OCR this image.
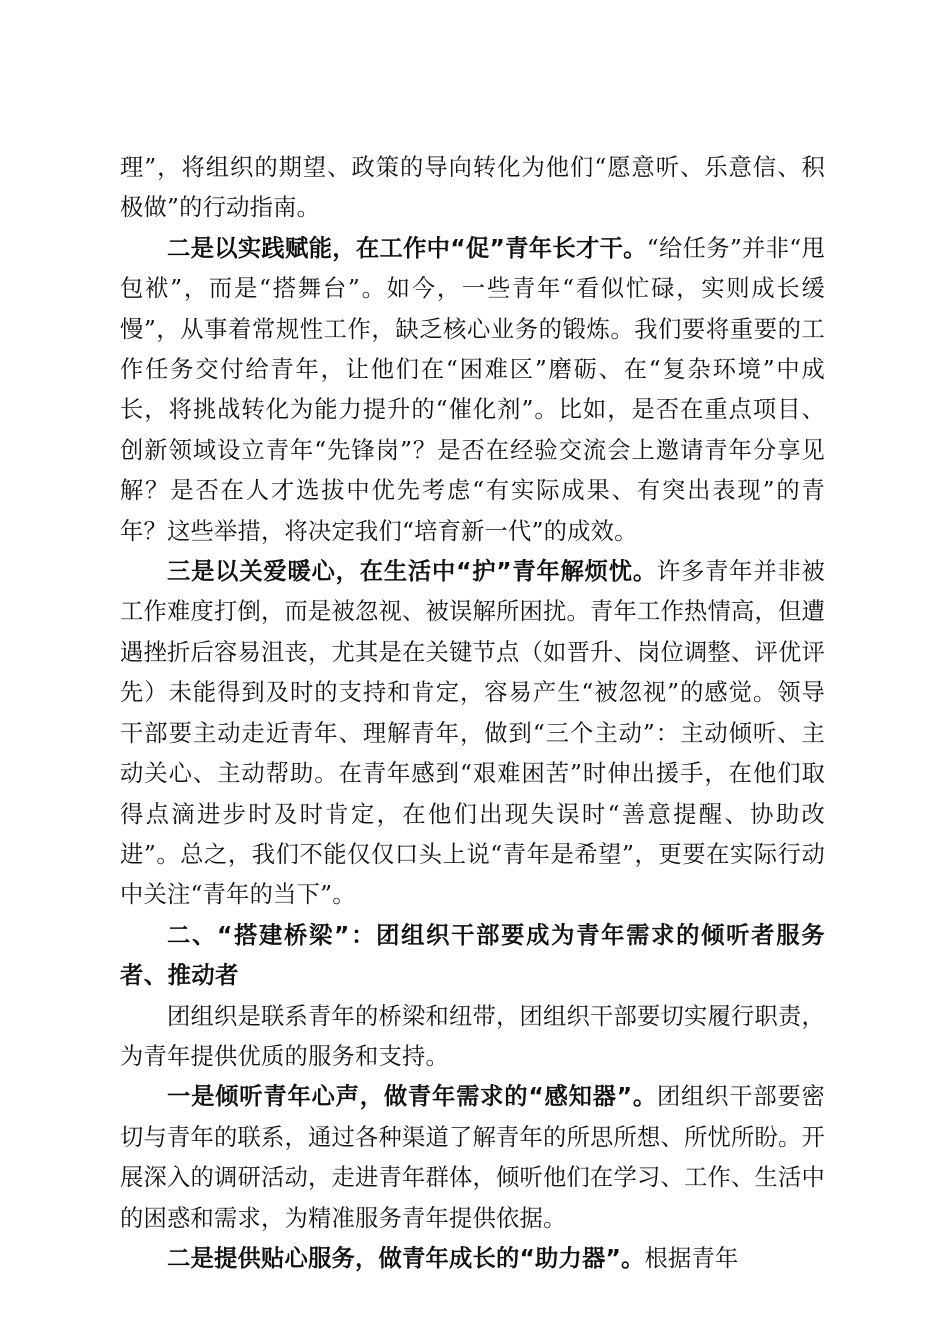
理”，将组织的期望、政策的导向转化为他们“愿意听、乐意信、积极做”的行动指南。

二是以实践赋能，在工作中“促”青年长才干。“给任务”并非“甩包袱”，而是“搭舞台”。如今，一些青年“看似忙碌，实则成长缓慢”，从事着常规性工作，缺乏核心业务的锻炼。我们要将重要的工作任务交付给青年，让他们在“困难区”磨砺、在“复杂环境”中成长，将挑战转化为能力提升的“催化剂”。比如，是否在重点项目、创新领域设立青年“先锋岗”？是否在经验交流会上邀请青年分享见解？是否在人才选拔中优先考虑“有实际成果、有突出表现”的青年？这些举措，将决定我们“培育新一代”的成效。

三是以关爱暖心，在生活中“护”青年解烦忧。许多青年并非被工作难度打倒，而是被忽视、被误解所困扰。青年工作热情高，但遭遇挫折后容易沮丧，尤其是在关键节点（如晋升、岗位调整、评优评先）未能得到及时的支持和肯定，容易产生“被忽视”的感觉。领导干部要主动走近青年、理解青年，做到“三个主动”：主动倾听、主动关心、主动帮助。在青年感到“艰难困苦”时伸出援手，在他们取得点滴进步时及时肯定，在他们出现失误时“善意提醒、协助改进”。总之，我们不能仅仅口头上说“青年是希望”，更要在实际行动中关注“青年的当下”。

二、“搭建桥梁”：团组织干部要成为青年需求的倾听者服务者、推动者

团组织是联系青年的桥梁和纽带，团组织干部要切实履行职责，为青年提供优质的服务和支持。

一是倾听青年心声，做青年需求的“感知器”。团组织干部要密切与青年的联系，通过各种渠道了解青年的所思所想、所忧所盼。开展深入的调研活动，走进青年群体，倾听他们在学习、工作、生活中的困惑和需求，为精准服务青年提供依据。

二是提供贴心服务，做青年成长的“助力器”。根据青年
